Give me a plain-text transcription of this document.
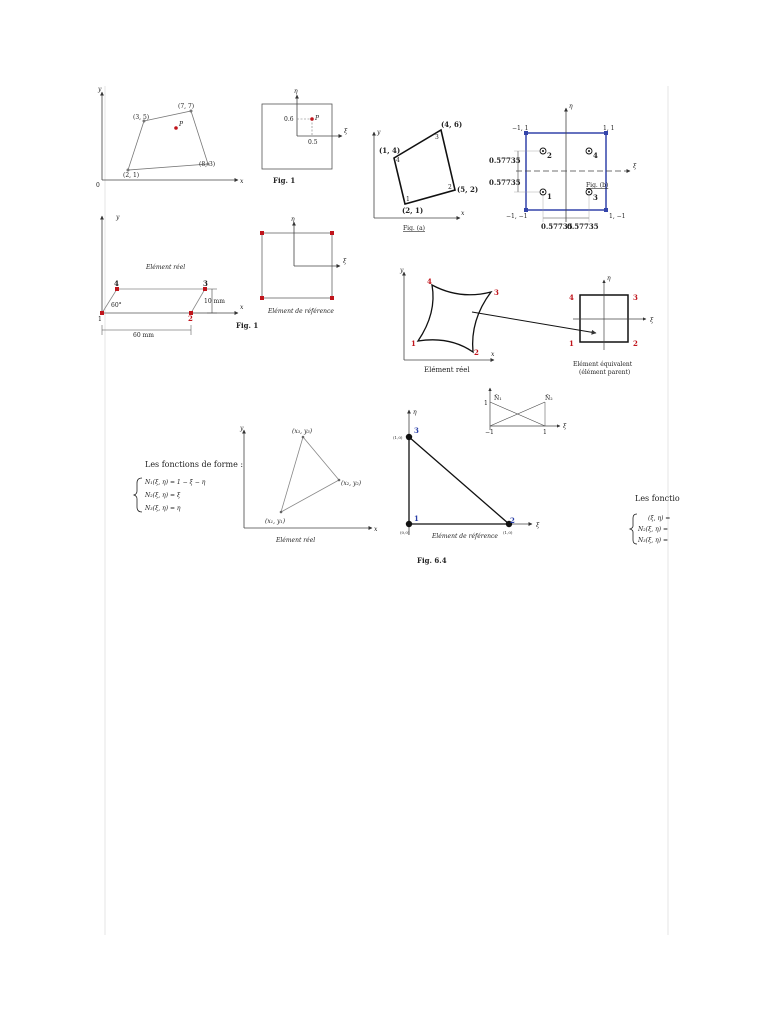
y
x
0
(3, 5)
(7, 7)
(2, 1)
(8, 3)
P
η
ξ
0.6
0.5
P
Fig. 1
y
x
(1, 4)
(4, 6)
(5, 2)
(2, 1)
4
3
2
1
Fig. (a)
η
ξ
−1, 1	1, 1
−1, −1	1, −1
2	4
1	3
0.57735
0.57735
0.57735
0.57735
Fig. (b)
y
x
Elément réel
4	3
1	2
60°
10 mm
60 mm
Fig. 1
η
ξ
Elément de référence
y
x
4
3
1
2
Elément réel
η
ξ
4	3
1	2
Elément équivalent
(élément parent)
N̄₁	N̄₂
1
−1	1
ξ
Les fonctions de forme :
N₁(ξ, η) = 1 − ξ − η
N₂(ξ, η) = ξ
N₃(ξ, η) = η
y
x
(x₃, y₃)
(x₂, y₂)
(x₁, y₁)
Elément réel
η
ξ
3
1	2
(1,0)
(0,0)	(1,0)
Elément de référence
Fig. 6.4
Les fonctio
(ξ, η) =
N₂(ξ, η) =
N₃(ξ, η) =
